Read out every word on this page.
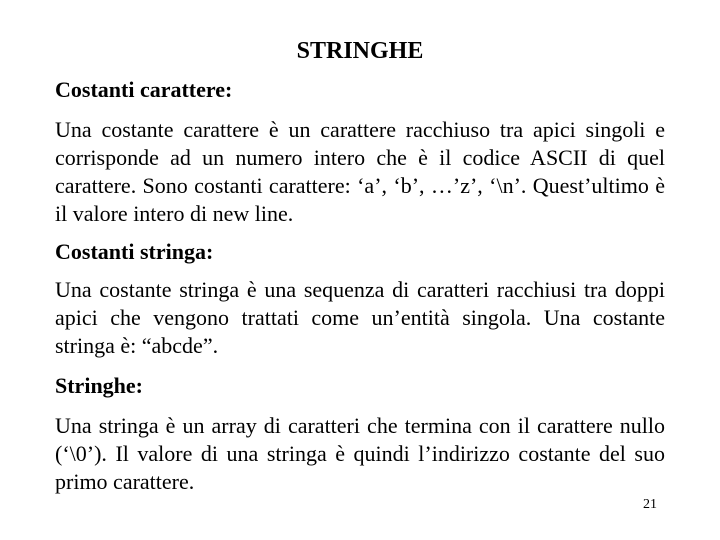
STRINGHE

Costanti carattere:

Una costante carattere è un carattere racchiuso tra apici singoli e corrisponde ad un numero intero che è il codice ASCII di quel carattere. Sono costanti carattere: ‘a’, ‘b’, …’z’, ‘\n’. Quest’ultimo è il valore intero di new line.

Costanti stringa:

Una costante stringa è una sequenza di caratteri racchiusi tra doppi apici che vengono trattati come un’entità singola. Una costante stringa è: “abcde”.

Stringhe:

Una stringa è un array di caratteri che termina con il carattere nullo (‘\0’). Il valore di una stringa è quindi l’indirizzo costante del suo primo carattere.

21
